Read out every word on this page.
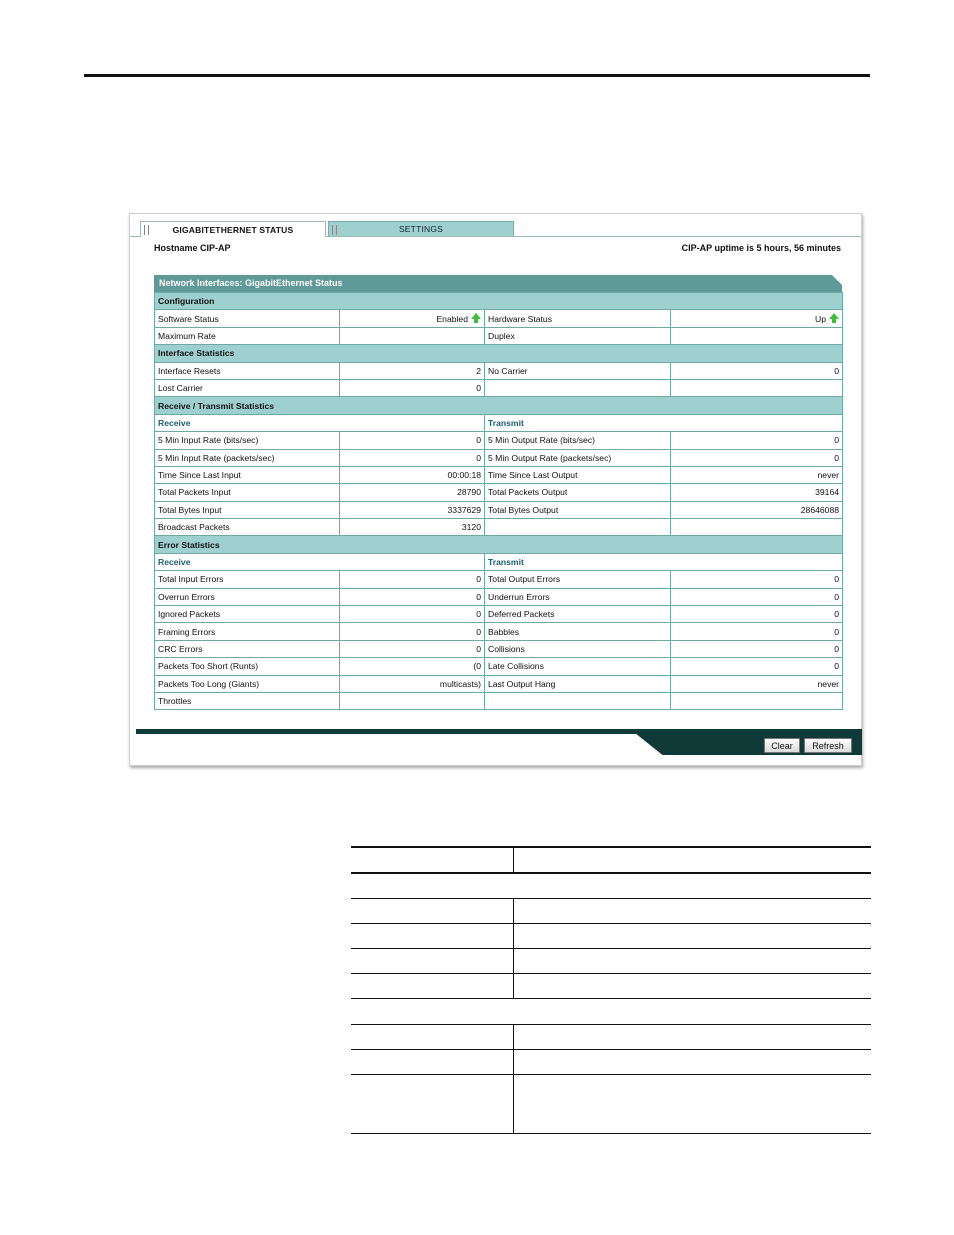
GIGABITETHERNET STATUS	SETTINGS
Hostname CIP-AP	CIP-AP uptime is 5 hours, 56 minutes
Network Interfaces: GigabitEthernet Status
Configuration			
Software Status	Enabled	Hardware Status	Up
Maximum Rate		Duplex	
Interface Statistics			
Interface Resets	2	No Carrier	0
Lost Carrier	0		
Receive / Transmit Statistics			
Receive		Transmit	
5 Min Input Rate (bits/sec)	0	5 Min Output Rate (bits/sec)	0
5 Min Input Rate (packets/sec)	0	5 Min Output Rate (packets/sec)	0
Time Since Last Input	00:00:18	Time Since Last Output	never
Total Packets Input	28790	Total Packets Output	39164
Total Bytes Input	3337629	Total Bytes Output	28646088
Broadcast Packets	3120		
Error Statistics			
Receive		Transmit	
Total Input Errors	0	Total Output Errors	0
Overrun Errors	0	Underrun Errors	0
Ignored Packets	0	Deferred Packets	0
Framing Errors	0	Babbles	0
CRC Errors	0	Collisions	0
Packets Too Short (Runts)	(0	Late Collisions	0
Packets Too Long (Giants)	multicasts)	Last Output Hang	never
Throttles			
Clear	Refresh
